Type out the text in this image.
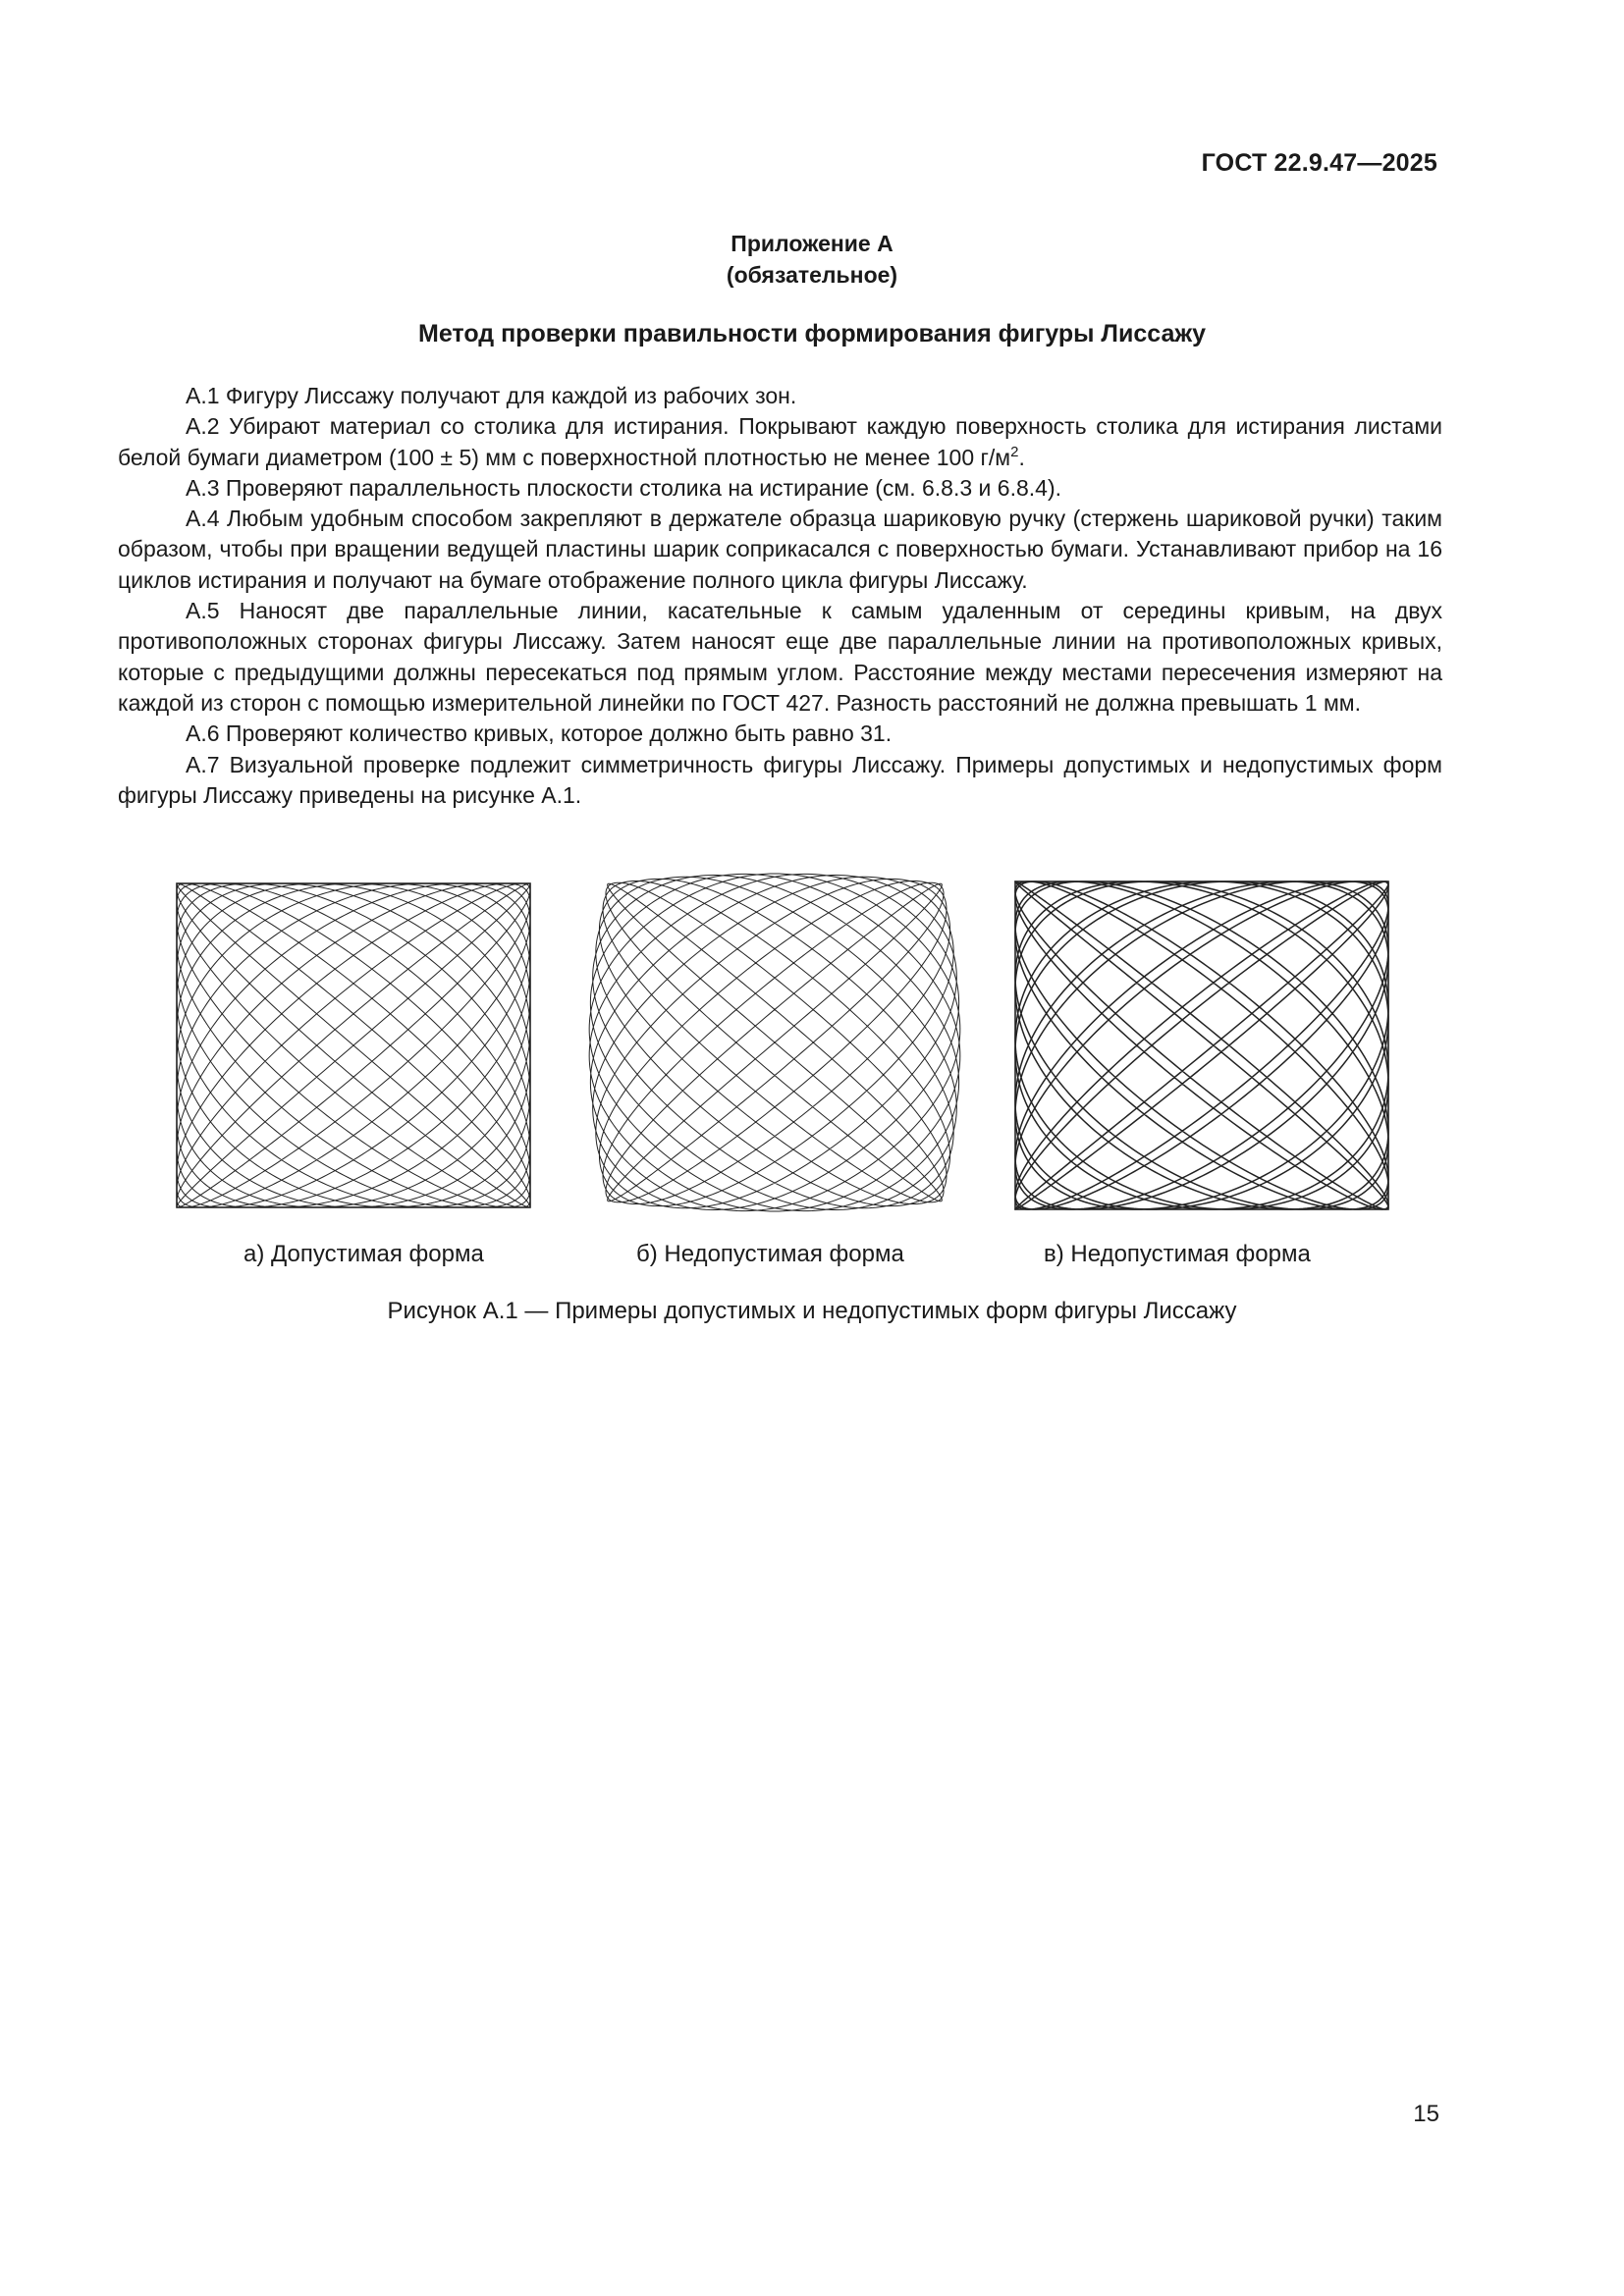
ГОСТ 22.9.47—2025
Приложение А
(обязательное)
Метод проверки правильности формирования фигуры Лиссажу

А.1 Фигуру Лиссажу получают для каждой из рабочих зон.

А.2 Убирают материал со столика для истирания. Покрывают каждую поверхность столика для истирания листами белой бумаги диаметром (100 ± 5) мм с поверхностной плотностью не менее 100 $г/м^2$.

А.3 Проверяют параллельность плоскости столика на истирание (см. 6.8.3 и 6.8.4).

А.4 Любым удобным способом закрепляют в держателе образца шариковую ручку (стержень шариковой ручки) таким образом, чтобы при вращении ведущей пластины шарик соприкасался с поверхностью бумаги. Устанавливают прибор на 16 циклов истирания и получают на бумаге отображение полного цикла фигуры Лиссажу.

А.5 Наносят две параллельные линии, касательные к самым удаленным от середины кривым, на двух противоположных сторонах фигуры Лиссажу. Затем наносят еще две параллельные линии на противоположных кривых, которые с предыдущими должны пересекаться под прямым углом. Расстояние между местами пересечения измеряют на каждой из сторон с помощью измерительной линейки по ГОСТ 427. Разность расстояний не должна превышать 1 мм.

А.6 Проверяют количество кривых, которое должно быть равно 31.

А.7 Визуальной проверке подлежит симметричность фигуры Лиссажу. Примеры допустимых и недопустимых форм фигуры Лиссажу приведены на рисунке А.1.

а) Допустимая форма	б) Недопустимая форма	в) Недопустимая форма
Рисунок А.1 — Примеры допустимых и недопустимых форм фигуры Лиссажу
15
